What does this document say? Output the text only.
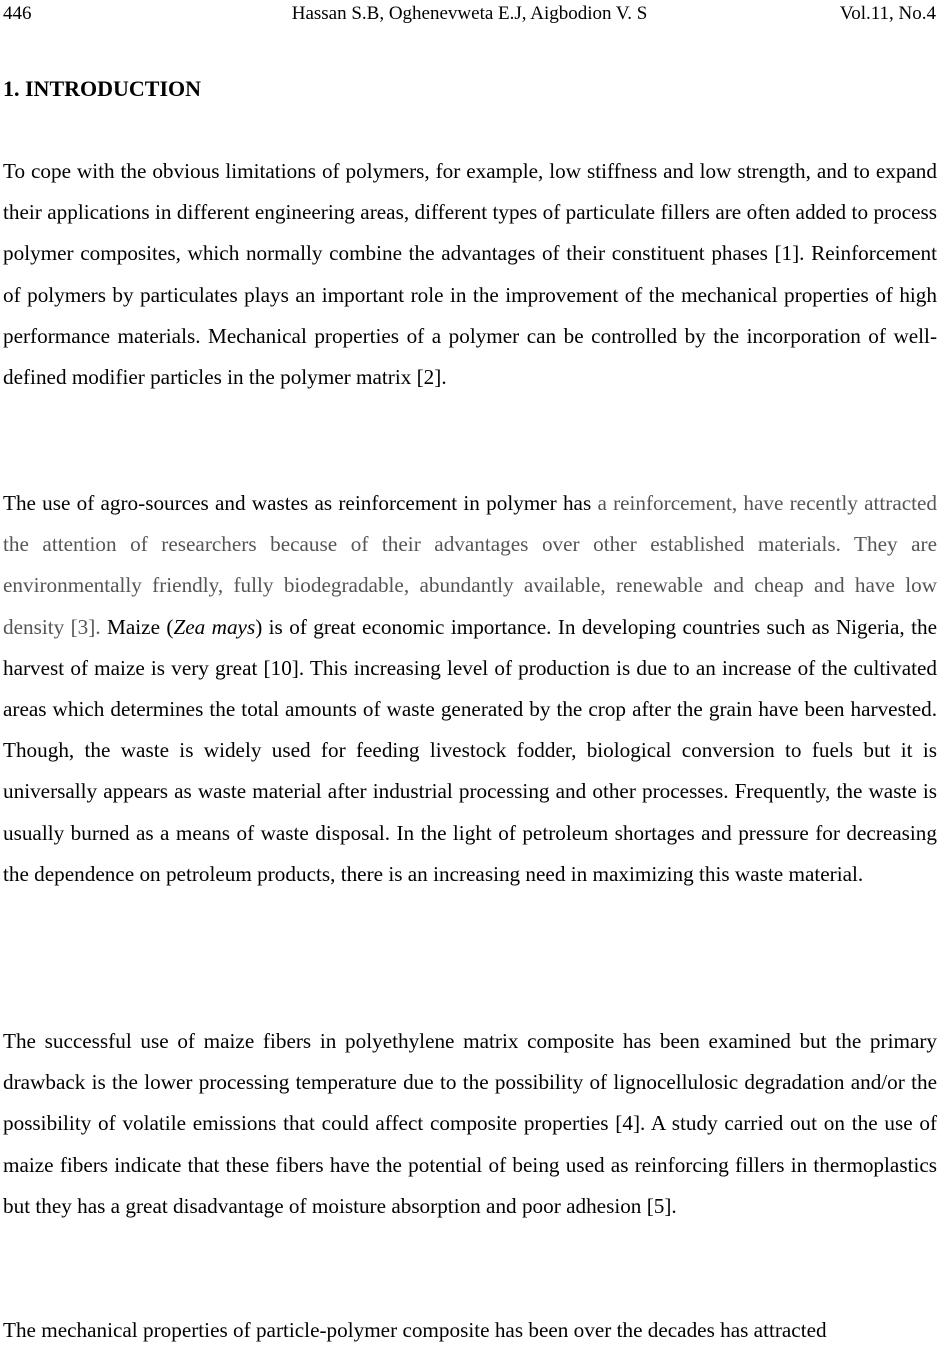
446	Hassan S.B, Oghenevweta E.J, Aigbodion V. S	Vol.11, No.4
1. INTRODUCTION

To cope with the obvious limitations of polymers, for example, low stiffness and low strength, and to expand their applications in different engineering areas, different types of particulate fillers are often added to process polymer composites, which normally combine the advantages of their constituent phases [1]. Reinforcement of polymers by particulates plays an important role in the improvement of the mechanical properties of high performance materials. Mechanical properties of a polymer can be controlled by the incorporation of well-defined modifier particles in the polymer matrix [2].

The use of agro-sources and wastes as reinforcement in polymer has a reinforcement, have recently attracted the attention of researchers because of their advantages over other established materials. They are environmentally friendly, fully biodegradable, abundantly available, renewable and cheap and have low density [3]. Maize (Zea mays) is of great economic importance. In developing countries such as Nigeria, the harvest of maize is very great [10]. This increasing level of production is due to an increase of the cultivated areas which determines the total amounts of waste generated by the crop after the grain have been harvested. Though, the waste is widely used for feeding livestock fodder, biological conversion to fuels but it is universally appears as waste material after industrial processing and other processes. Frequently, the waste is usually burned as a means of waste disposal. In the light of petroleum shortages and pressure for decreasing the dependence on petroleum products, there is an increasing need in maximizing this waste material.

The successful use of maize fibers in polyethylene matrix composite has been examined but the primary drawback is the lower processing temperature due to the possibility of lignocellulosic degradation and/or the possibility of volatile emissions that could affect composite properties [4]. A study carried out on the use of maize fibers indicate that these fibers have the potential of being used as reinforcing fillers in thermoplastics but they has a great disadvantage of moisture absorption and poor adhesion [5].

The mechanical properties of particle-polymer composite has been over the decades has attracted
